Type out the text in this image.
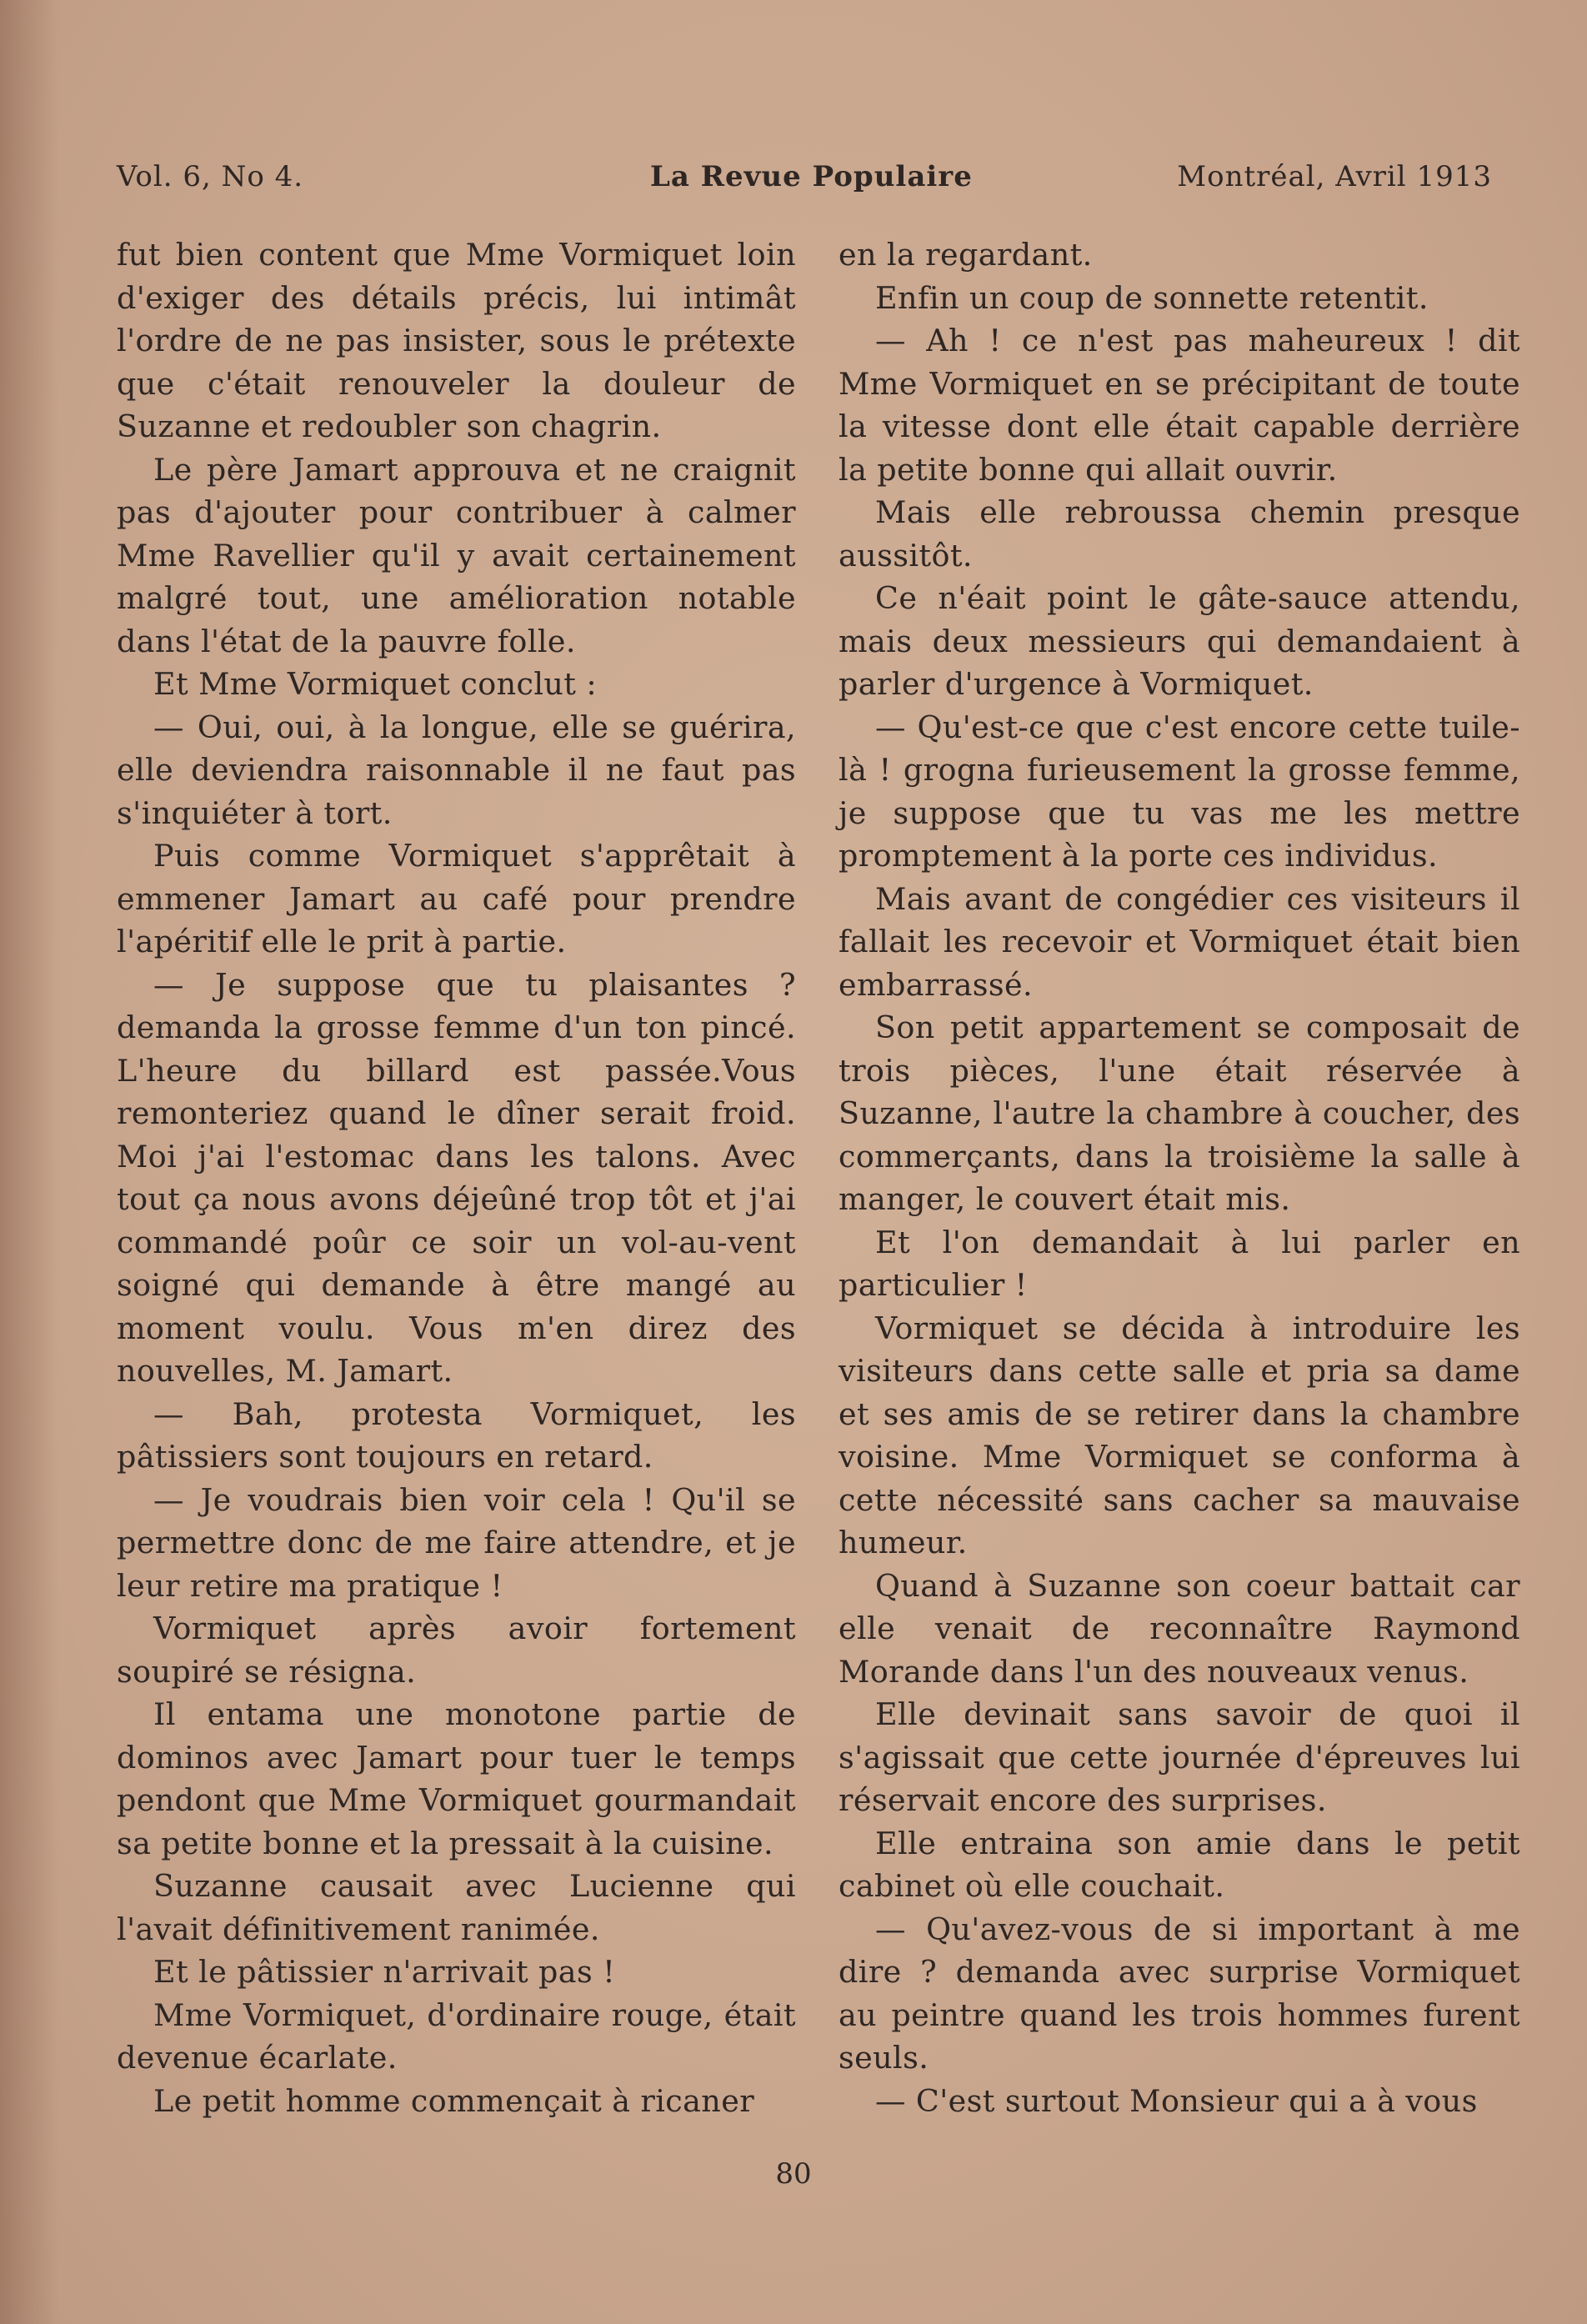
Vol. 6, No 4.	La Revue Populaire	Montréal, Avril 1913

fut bien content que Mme Vormiquet loin d'exiger des détails précis, lui intimât l'ordre de ne pas insister, sous le prétexte que c'était renouveler la douleur de Suzanne et redoubler son chagrin.

Le père Jamart approuva et ne craignit pas d'ajouter pour contribuer à calmer Mme Ravellier qu'il y avait certainement malgré tout, une amélioration notable dans l'état de la pauvre folle.

Et Mme Vormiquet conclut :

— Oui, oui, à la longue, elle se guérira, elle deviendra raisonnable il ne faut pas s'inquiéter à tort.

Puis comme Vormiquet s'apprêtait à emmener Jamart au café pour prendre l'apéritif elle le prit à partie.

— Je suppose que tu plaisantes ? demanda la grosse femme d'un ton pincé. L'heure du billard est passée.Vous remonteriez quand le dîner serait froid. Moi j'ai l'estomac dans les talons. Avec tout ça nous avons déjeûné trop tôt et j'ai commandé poûr ce soir un vol-au-vent soigné qui demande à être mangé au moment voulu. Vous m'en direz des nouvelles, M. Jamart.

— Bah, protesta Vormiquet, les pâtissiers sont toujours en retard.

— Je voudrais bien voir cela ! Qu'il se permettre donc de me faire attendre, et je leur retire ma pratique !

Vormiquet après avoir fortement soupiré se résigna.

Il entama une monotone partie de dominos avec Jamart pour tuer le temps pendont que Mme Vormiquet gourmandait sa petite bonne et la pressait à la cuisine.

Suzanne causait avec Lucienne qui l'avait définitivement ranimée.

Et le pâtissier n'arrivait pas !

Mme Vormiquet, d'ordinaire rouge, était devenue écarlate.

Le petit homme commençait à ricaner

en la regardant.

Enfin un coup de sonnette retentit.

— Ah ! ce n'est pas maheureux ! dit Mme Vormiquet en se précipitant de toute la vitesse dont elle était capable derrière la petite bonne qui allait ouvrir.

Mais elle rebroussa chemin presque aussitôt.

Ce n'éait point le gâte-sauce attendu, mais deux messieurs qui demandaient à parler d'urgence à Vormiquet.

— Qu'est-ce que c'est encore cette tuile-là ! grogna furieusement la grosse femme, je suppose que tu vas me les mettre promptement à la porte ces individus.

Mais avant de congédier ces visiteurs il fallait les recevoir et Vormiquet était bien embarrassé.

Son petit appartement se composait de trois pièces, l'une était réservée à Suzanne, l'autre la chambre à coucher, des commerçants, dans la troisième la salle à manger, le couvert était mis.

Et l'on demandait à lui parler en particulier !

Vormiquet se décida à introduire les visiteurs dans cette salle et pria sa dame et ses amis de se retirer dans la chambre voisine. Mme Vormiquet se conforma à cette nécessité sans cacher sa mauvaise humeur.

Quand à Suzanne son coeur battait car elle venait de reconnaître Raymond Morande dans l'un des nouveaux venus.

Elle devinait sans savoir de quoi il s'agissait que cette journée d'épreuves lui réservait encore des surprises.

Elle entraina son amie dans le petit cabinet où elle couchait.

— Qu'avez-vous de si important à me dire ? demanda avec surprise Vormiquet au peintre quand les trois hommes furent seuls.

— C'est surtout Monsieur qui a à vous

80
